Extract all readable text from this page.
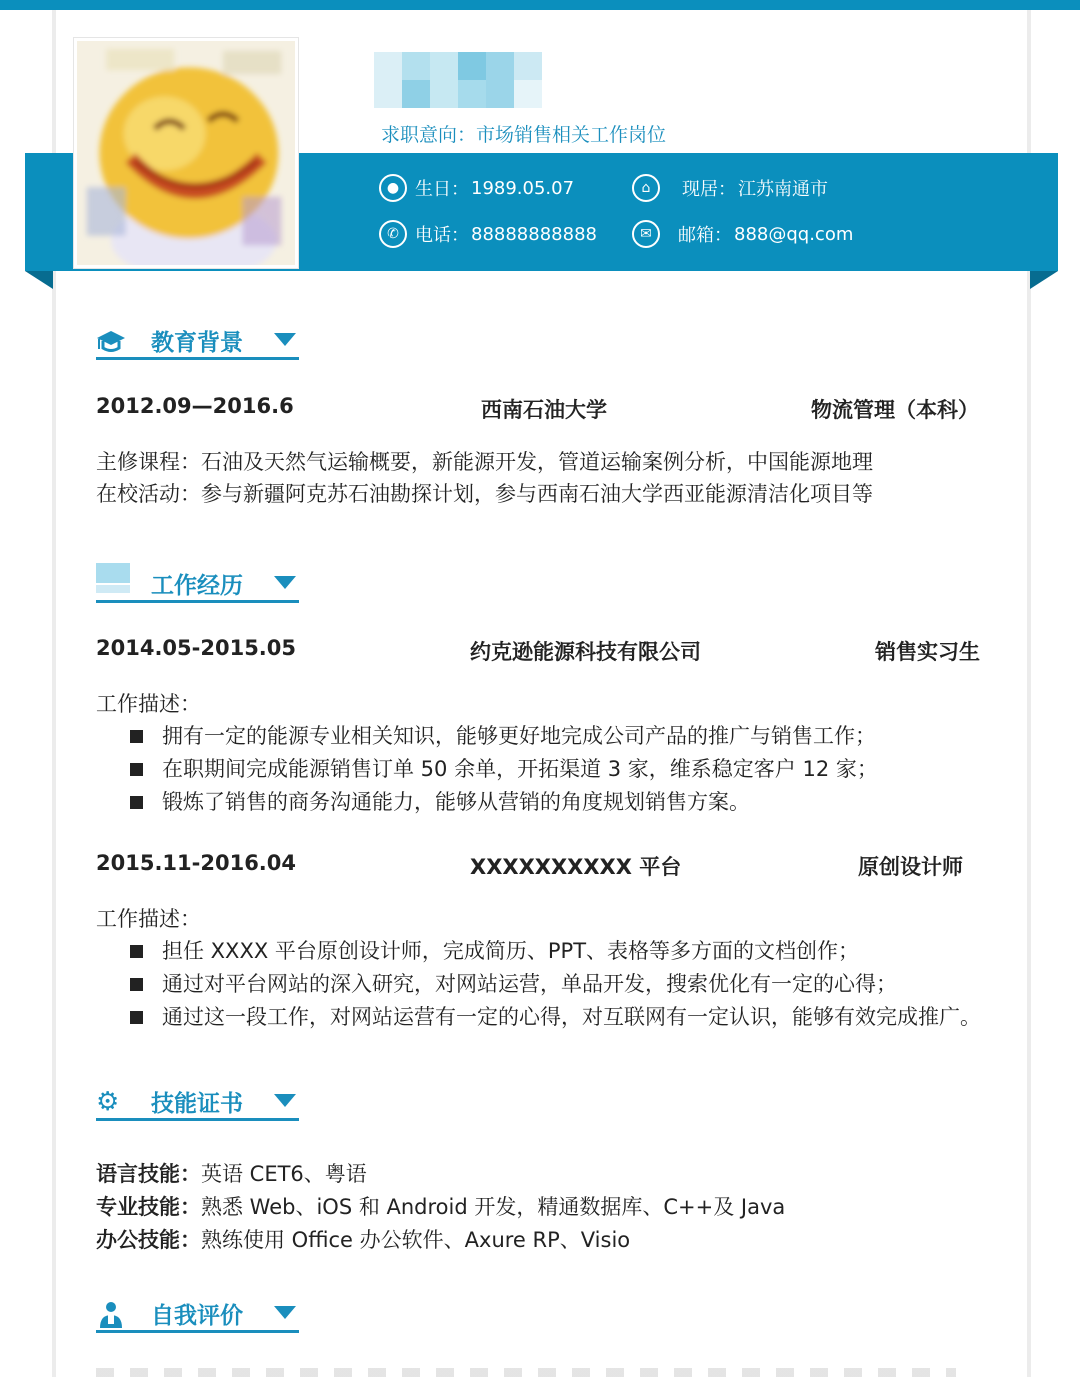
求职意向：市场销售相关工作岗位
● 生日： 1989.05.07	⌂	现居： 江苏南通市
✆ 电话： 88888888888	✉	邮箱： 888@qq.com
教育背景
2012.09—2016.6	西南石油大学	物流管理（本科）
主修课程：石油及天然气运输概要，新能源开发，管道运输案例分析，中国能源地理
在校活动：参与新疆阿克苏石油勘探计划，参与西南石油大学西亚能源清洁化项目等
工作经历
2014.05-2015.05	约克逊能源科技有限公司	销售实习生
工作描述：
拥有一定的能源专业相关知识，能够更好地完成公司产品的推广与销售工作；
在职期间完成能源销售订单 50 余单，开拓渠道 3 家，维系稳定客户 12 家；
锻炼了销售的商务沟通能力，能够从营销的角度规划销售方案。
2015.11-2016.04	XXXXXXXXXX 平台	原创设计师
工作描述：
担任 XXXX 平台原创设计师，完成简历、PPT、表格等多方面的文档创作；
通过对平台网站的深入研究，对网站运营，单品开发，搜索优化有一定的心得；
通过这一段工作，对网站运营有一定的心得，对互联网有一定认识，能够有效完成推广。
⚙	技能证书
语言技能：英语 CET6、粤语
专业技能：熟悉 Web、iOS 和 Android 开发，精通数据库、C++及 Java
办公技能：熟练使用 Office 办公软件、Axure RP、Visio
自我评价
